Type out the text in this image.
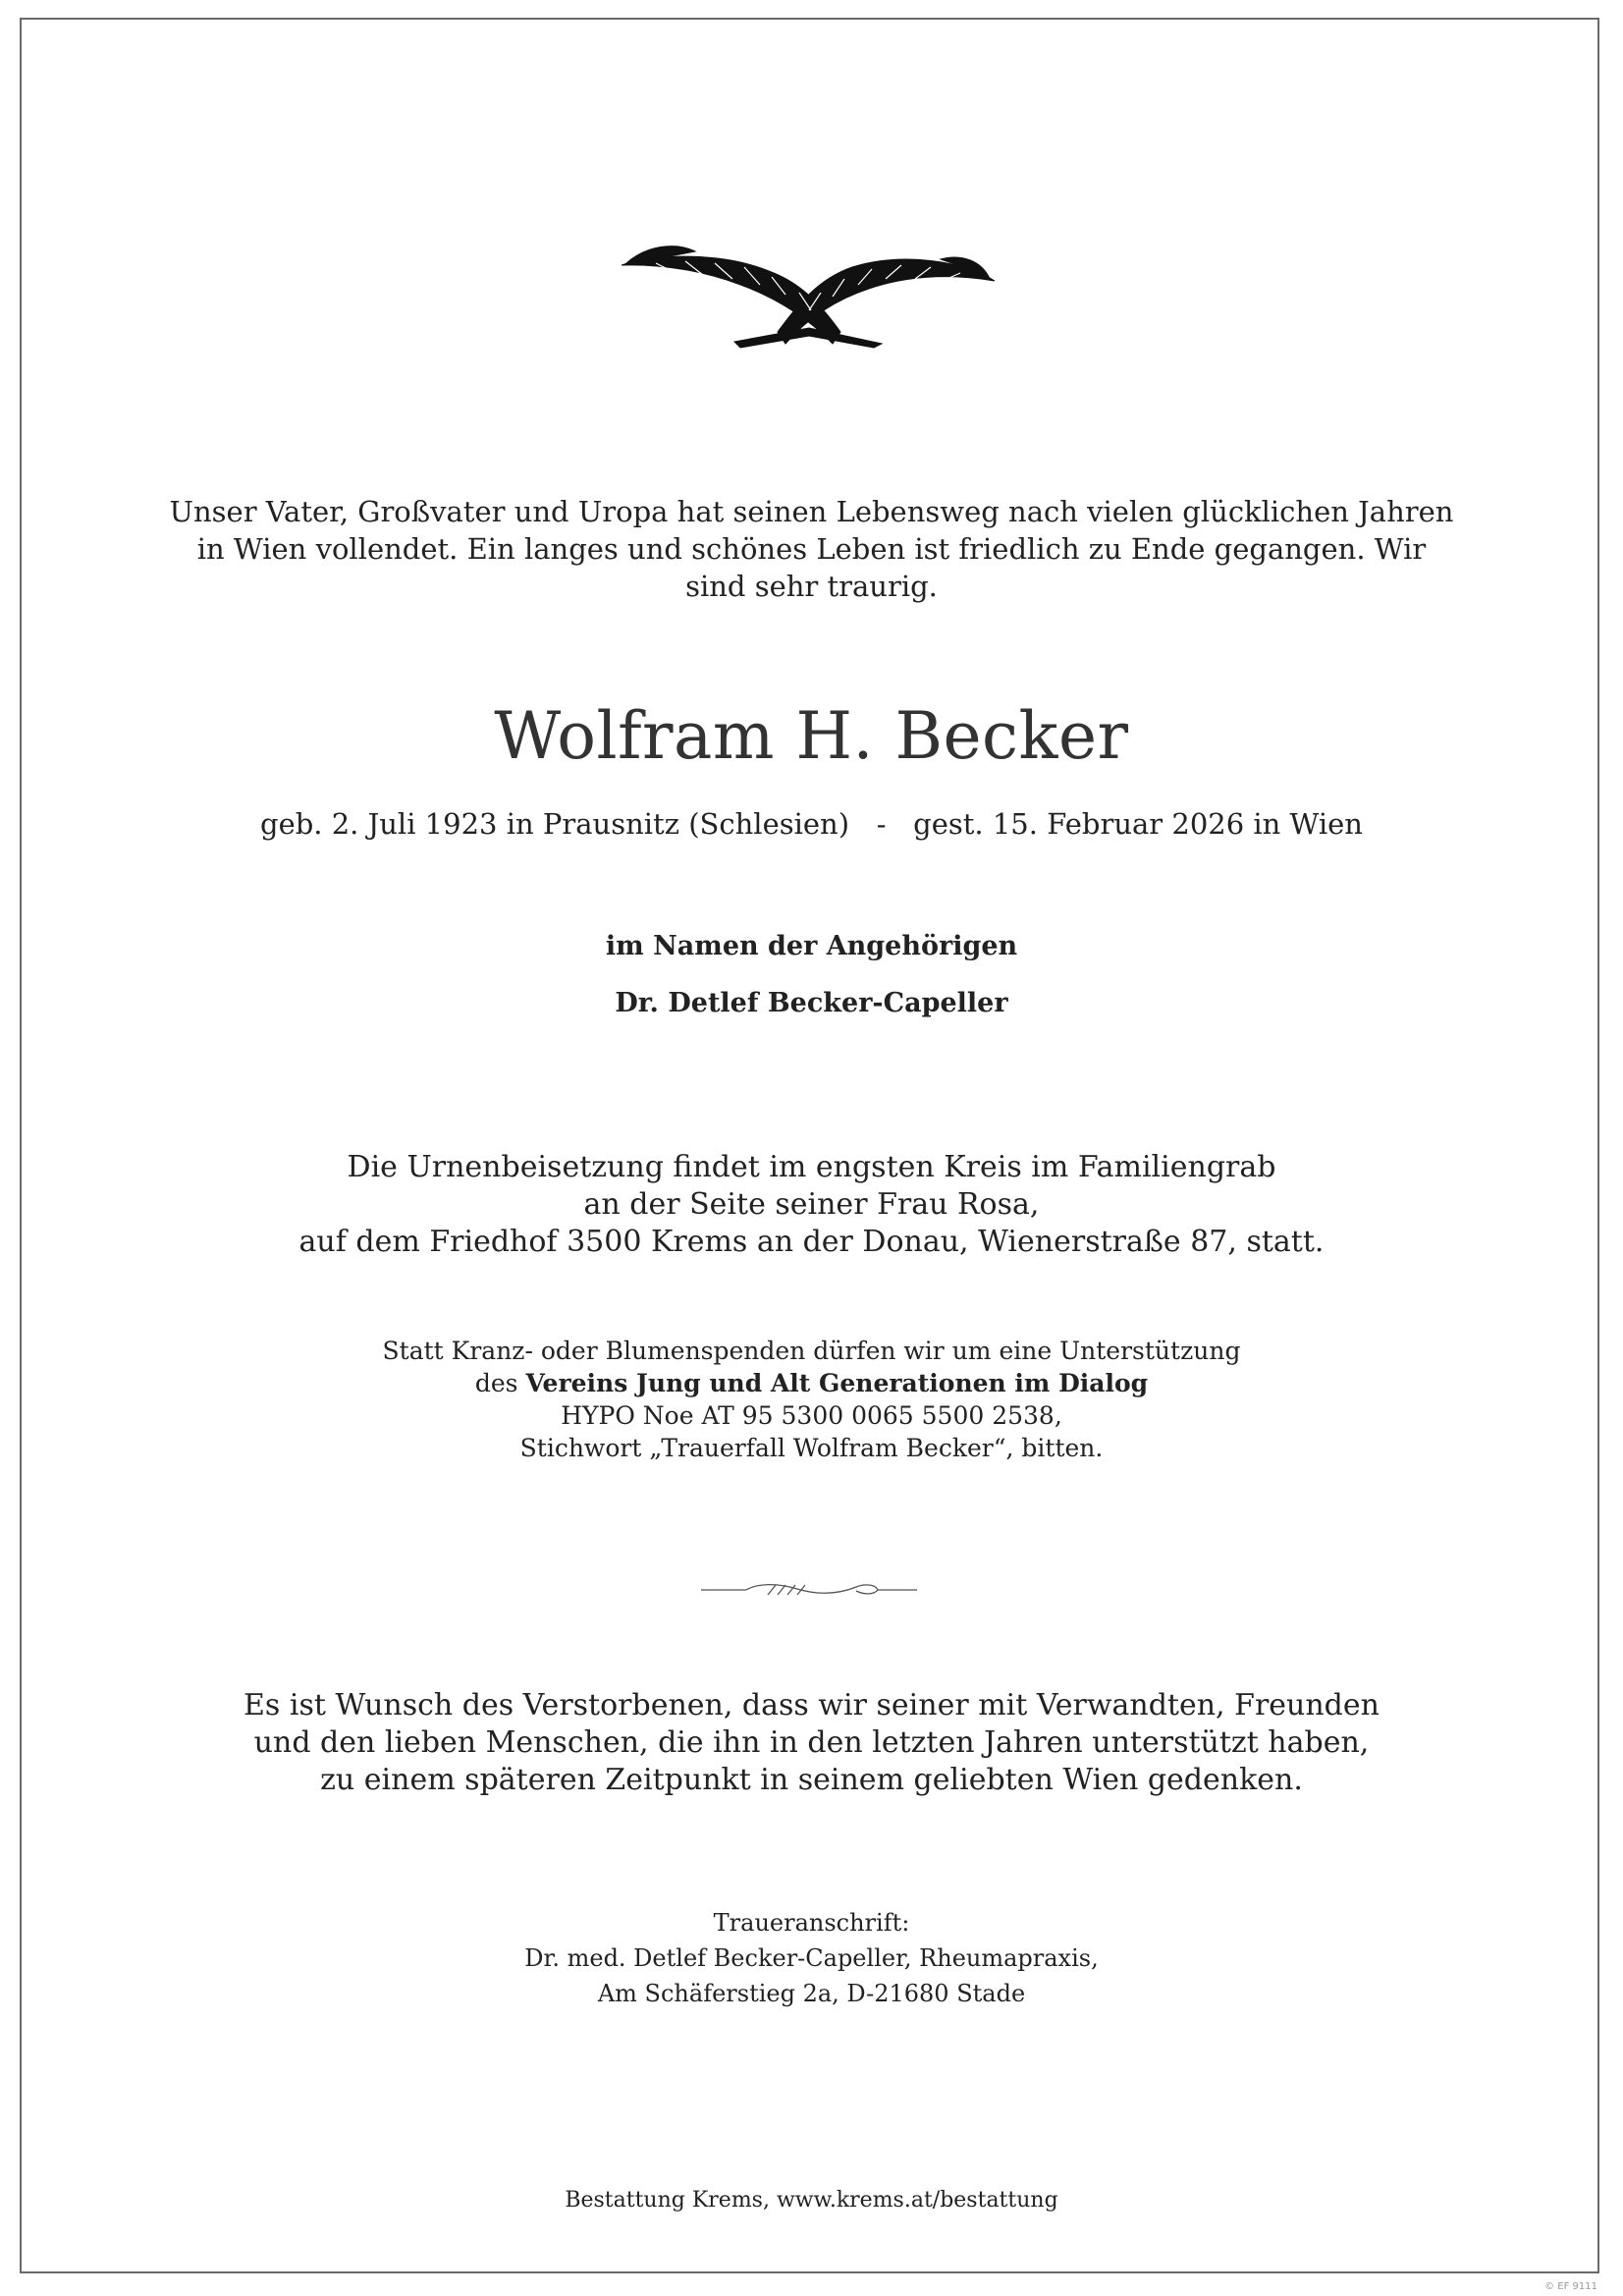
Unser Vater, Großvater und Uropa hat seinen Lebensweg nach vielen glücklichen Jahren
in Wien vollendet. Ein langes und schönes Leben ist friedlich zu Ende gegangen. Wir
sind sehr traurig.
Wolfram H. Becker
geb. 2. Juli 1923 in Prausnitz (Schlesien)   -   gest. 15. Februar 2026 in Wien
im Namen der Angehörigen
Dr. Detlef Becker-Capeller
Die Urnenbeisetzung findet im engsten Kreis im Familiengrab
an der Seite seiner Frau Rosa,
auf dem Friedhof 3500 Krems an der Donau, Wienerstraße 87, statt.
Statt Kranz- oder Blumenspenden dürfen wir um eine Unterstützung
des Vereins Jung und Alt Generationen im Dialog
HYPO Noe AT 95 5300 0065 5500 2538,
Stichwort „Trauerfall Wolfram Becker“, bitten.
Es ist Wunsch des Verstorbenen, dass wir seiner mit Verwandten, Freunden
und den lieben Menschen, die ihn in den letzten Jahren unterstützt haben,
zu einem späteren Zeitpunkt in seinem geliebten Wien gedenken.
Traueranschrift:
Dr. med. Detlef Becker-Capeller, Rheumapraxis,
Am Schäferstieg 2a, D-21680 Stade
Bestattung Krems, www.krems.at/bestattung
© EF 9111
